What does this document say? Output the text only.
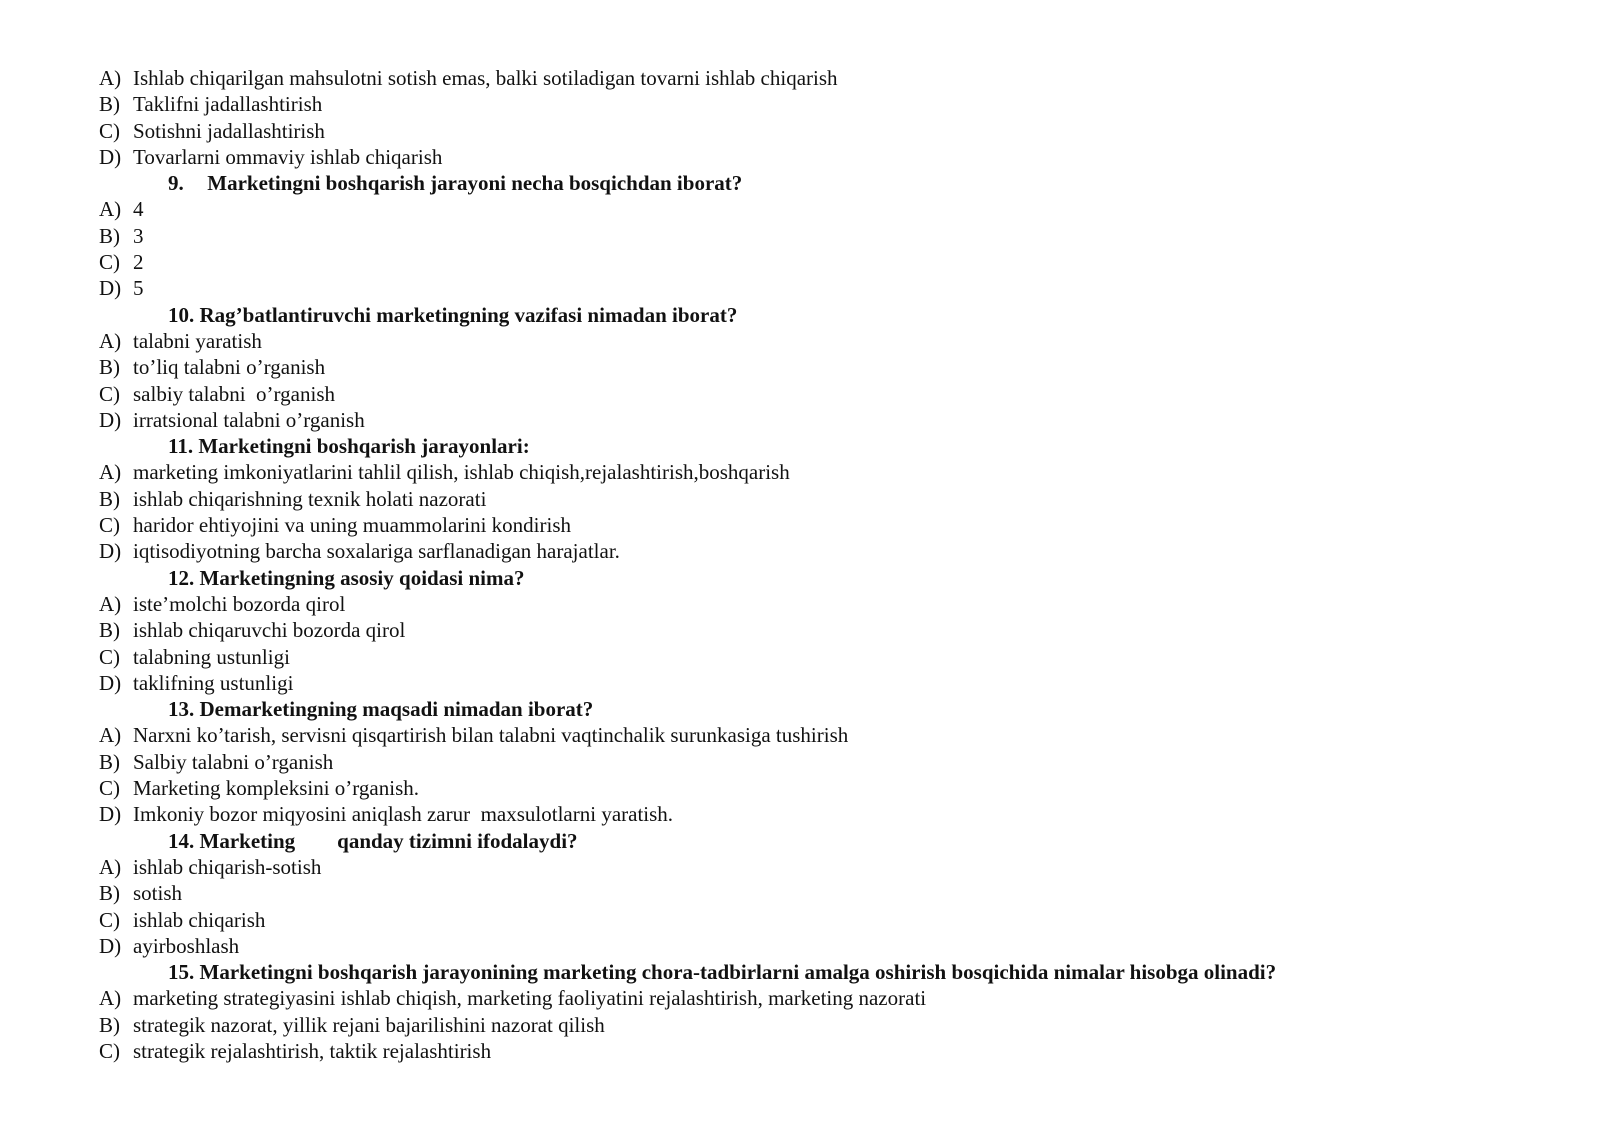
A) Ishlab chiqarilgan mahsulotni sotish emas, balki sotiladigan tovarni ishlab chiqarish
B) Taklifni jadallashtirish
C) Sotishni jadallashtirish
D) Tovarlarni ommaviy ishlab chiqarish
9. Marketingni boshqarish jarayoni necha bosqichdan iborat?
A) 4
B) 3
C) 2
D) 5
10. Rag’batlantiruvchi marketingning vazifasi nimadan iborat?
A) talabni yaratish
B) to’liq talabni o’rganish
C) salbiy talabni  o’rganish
D) irratsional talabni o’rganish
11. Marketingni boshqarish jarayonlari:
A) marketing imkoniyatlarini tahlil qilish, ishlab chiqish,rejalashtirish,boshqarish
B) ishlab chiqarishning texnik holati nazorati
C) haridor ehtiyojini va uning muammolarini kondirish
D) iqtisodiyotning barcha soxalariga sarflanadigan harajatlar.
12. Marketingning asosiy qoidasi nima?
A) iste’molchi bozorda qirol
B) ishlab chiqaruvchi bozorda qirol
C) talabning ustunligi
D) taklifning ustunligi
13. Demarketingning maqsadi nimadan iborat?
A) Narxni ko’tarish, servisni qisqartirish bilan talabni vaqtinchalik surunkasiga tushirish
B) Salbiy talabni o’rganish
C) Marketing kompleksini o’rganish.
D) Imkoniy bozor miqyosini aniqlash zarur  maxsulotlarni yaratish.
14. Marketing        qanday tizimni ifodalaydi?
A) ishlab chiqarish-sotish
B) sotish
C) ishlab chiqarish
D) ayirboshlash
15. Marketingni boshqarish jarayonining marketing chora-tadbirlarni amalga oshirish bosqichida nimalar hisobga olinadi?
A) marketing strategiyasini ishlab chiqish, marketing faoliyatini rejalashtirish, marketing nazorati
B) strategik nazorat, yillik rejani bajarilishini nazorat qilish
C) strategik rejalashtirish, taktik rejalashtirish
